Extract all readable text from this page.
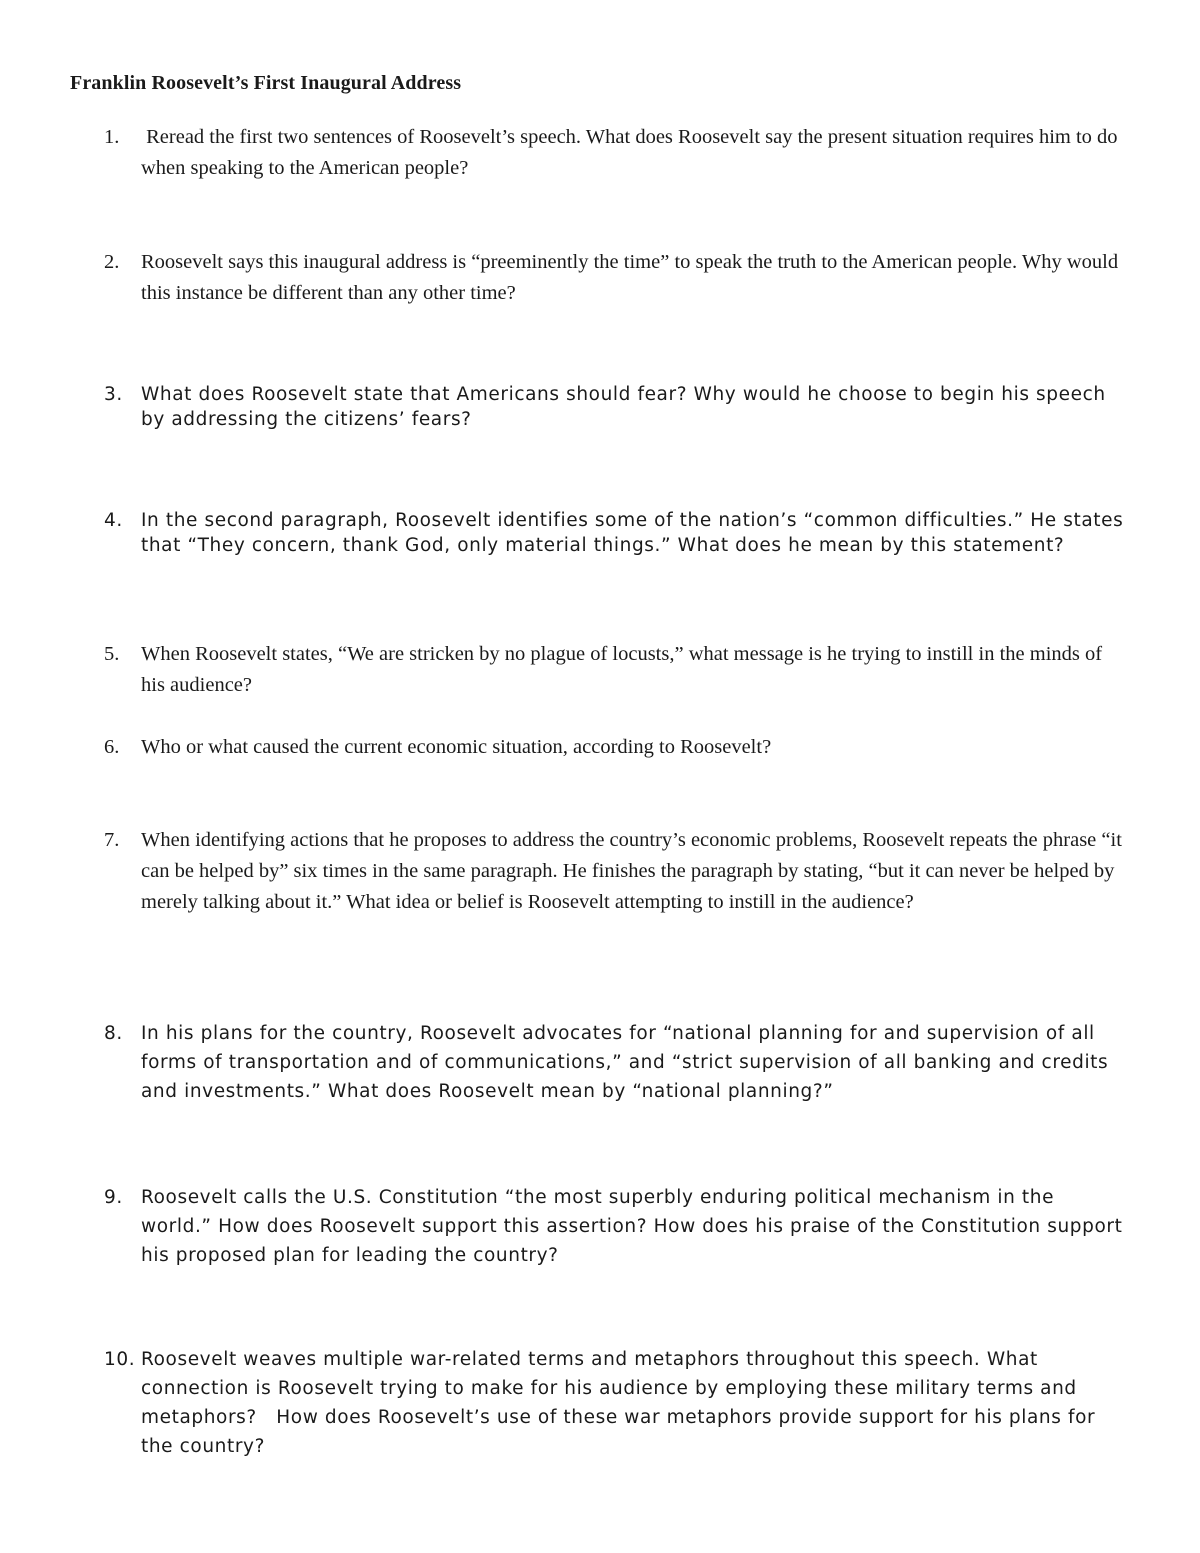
Franklin Roosevelt’s First Inaugural Address
1. Reread the first two sentences of Roosevelt’s speech. What does Roosevelt say the present situation requires him to do when speaking to the American people?
2. Roosevelt says this inaugural address is “preeminently the time” to speak the truth to the American people. Why would this instance be different than any other time?
3. What does Roosevelt state that Americans should fear? Why would he choose to begin his speech by addressing the citizens’ fears?
4. In the second paragraph, Roosevelt identifies some of the nation’s “common difficulties.” He states that “They concern, thank God, only material things.” What does he mean by this statement?
5. When Roosevelt states, “We are stricken by no plague of locusts,” what message is he trying to instill in the minds of his audience?
6. Who or what caused the current economic situation, according to Roosevelt?
7. When identifying actions that he proposes to address the country’s economic problems, Roosevelt repeats the phrase “it can be helped by” six times in the same paragraph. He finishes the paragraph by stating, “but it can never be helped by merely talking about it.” What idea or belief is Roosevelt attempting to instill in the audience?
8. In his plans for the country, Roosevelt advocates for “national planning for and supervision of all forms of transportation and of communications,” and “strict supervision of all banking and credits and investments.” What does Roosevelt mean by “national planning?”
9. Roosevelt calls the U.S. Constitution “the most superbly enduring political mechanism in the world.” How does Roosevelt support this assertion? How does his praise of the Constitution support his proposed plan for leading the country?
10. Roosevelt weaves multiple war-related terms and metaphors throughout this speech. What connection is Roosevelt trying to make for his audience by employing these military terms and metaphors?   How does Roosevelt’s use of these war metaphors provide support for his plans for the country?
